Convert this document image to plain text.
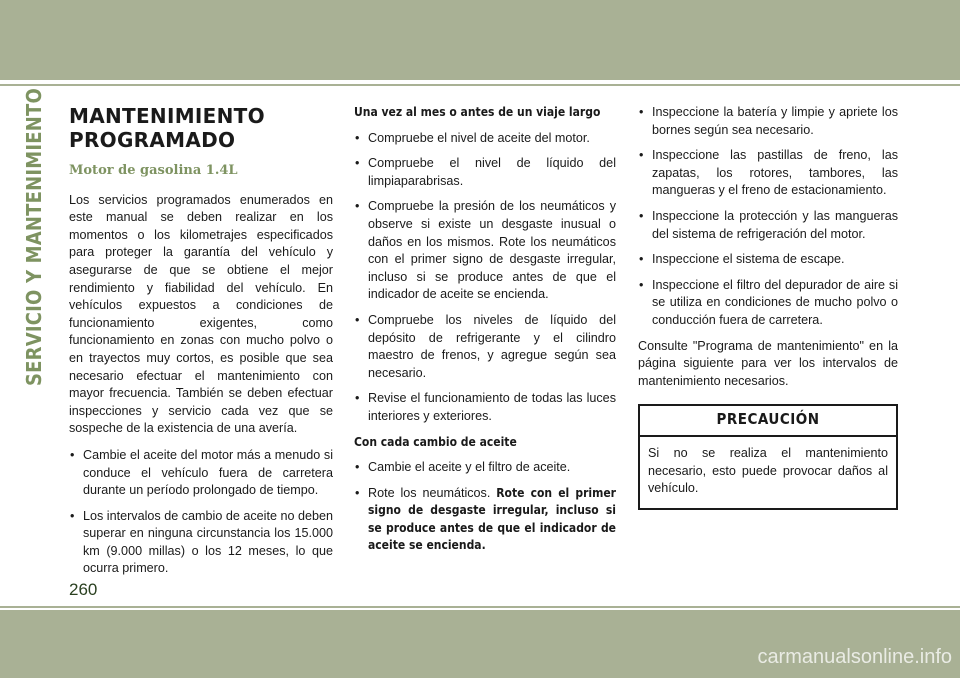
SERVICIO Y MANTENIMIENTO MANTENIMIENTO
PROGRAMADO
Motor de gasolina 1.4L

Los servicios programados enumerados en este manual se deben realizar en los momentos o los kilometrajes especificados para proteger la garantía del vehículo y asegurarse de que se obtiene el mejor rendimiento y fiabilidad del vehículo. En vehículos expuestos a condiciones de funcionamiento exigentes, como funcionamiento en zonas con mucho polvo o en trayectos muy cortos, es posible que sea necesario efectuar el mantenimiento con mayor frecuencia. También se deben efectuar inspecciones y servicio cada vez que se sospeche de la existencia de una avería.

• Cambie el aceite del motor más a menudo si conduce el vehículo fuera de carretera durante un período prolongado de tiempo.
• Los intervalos de cambio de aceite no deben superar en ninguna circunstancia los 15.000 km (9.000 millas) o los 12 meses, lo que ocurra primero.
Una vez al mes o antes de un viaje largo
• Compruebe el nivel de aceite del motor.
• Compruebe el nivel de líquido del limpiaparabrisas.
• Compruebe la presión de los neumáticos y observe si existe un desgaste inusual o daños en los mismos. Rote los neumáticos con el primer signo de desgaste irregular, incluso si se produce antes de que el indicador de aceite se encienda.
• Compruebe los niveles de líquido del depósito de refrigerante y el cilindro maestro de frenos, y agregue según sea necesario.
• Revise el funcionamiento de todas las luces interiores y exteriores.
Con cada cambio de aceite
• Cambie el aceite y el filtro de aceite.
• Rote los neumáticos. Rote con el primer signo de desgaste irregular, incluso si se produce antes de que el indicador de aceite se encienda.
• Inspeccione la batería y limpie y apriete los bornes según sea necesario.
• Inspeccione las pastillas de freno, las zapatas, los rotores, tambores, las mangueras y el freno de estacionamiento.
• Inspeccione la protección y las mangueras del sistema de refrigeración del motor.
• Inspeccione el sistema de escape.
• Inspeccione el filtro del depurador de aire si se utiliza en condiciones de mucho polvo o conducción fuera de carretera.

Consulte "Programa de mantenimiento" en la página siguiente para ver los intervalos de mantenimiento necesarios.

PRECAUCIÓN
Si no se realiza el mantenimiento necesario, esto puede provocar daños al vehículo.
260
carmanualsonline.info
